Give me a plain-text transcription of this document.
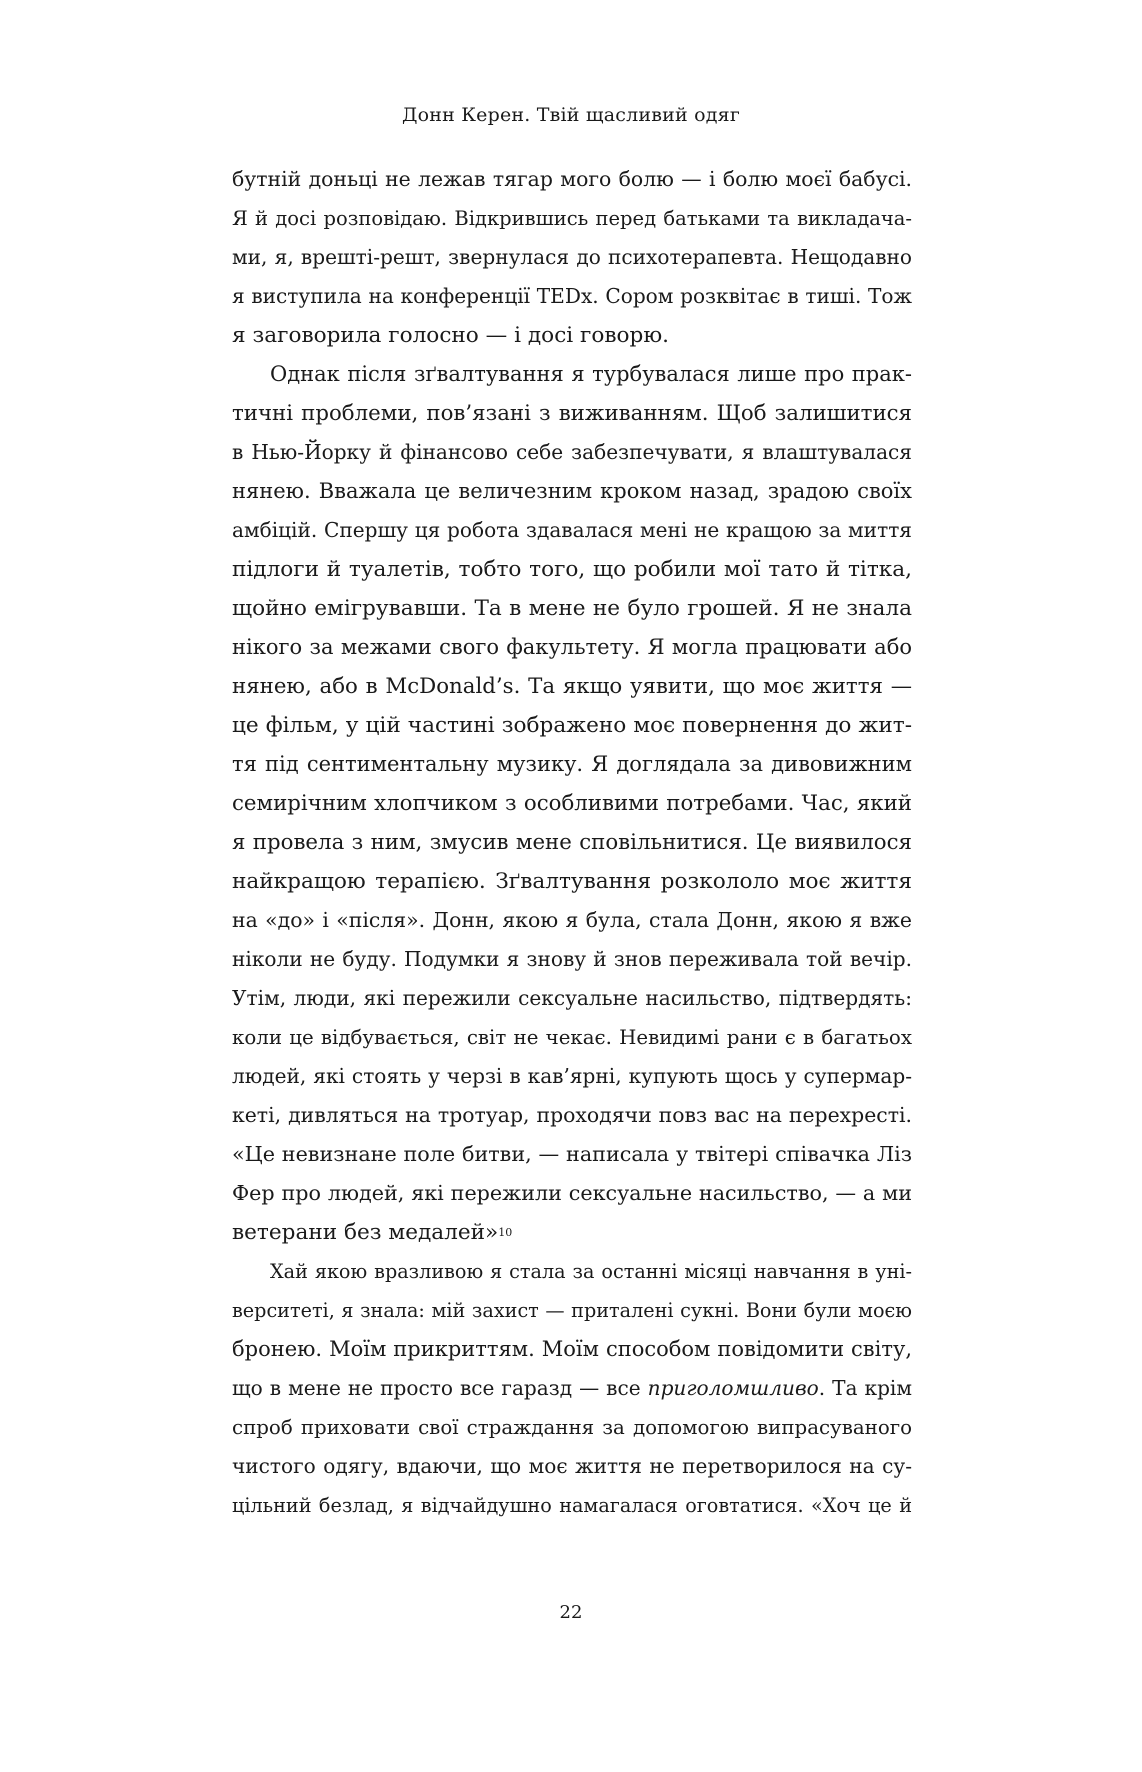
Донн Керен. Твій щасливий одяг
бутній доньці не лежав тягар мого болю — і болю моєї бабусі.
Я й досі розповідаю. Відкрившись перед батьками та викладача-
ми, я, врешті-решт, звернулася до психотерапевта. Нещодавно
я виступила на конференції TEDx. Сором розквітає в тиші. Тож
я заговорила голосно — і досі говорю.
Однак після зґвалтування я турбувалася лише про прак-
тичні проблеми, пов’язані з виживанням. Щоб залишитися
в Нью-Йорку й фінансово себе забезпечувати, я влаштувалася
нянею. Вважала це величезним кроком назад, зрадою своїх
амбіцій. Спершу ця робота здавалася мені не кращою за миття
підлоги й туалетів, тобто того, що робили мої тато й тітка,
щойно емігрувавши. Та в мене не було грошей. Я не знала
нікого за межами свого факультету. Я могла працювати або
нянею, або в McDonald’s. Та якщо уявити, що моє життя —
це фільм, у цій частині зображено моє повернення до жит-
тя під сентиментальну музику. Я доглядала за дивовижним
семирічним хлопчиком з особливими потребами. Час, який
я провела з ним, змусив мене сповільнитися. Це виявилося
найкращою терапією. Зґвалтування розкололо моє життя
на «до» і «після». Донн, якою я була, стала Донн, якою я вже
ніколи не буду. Подумки я знову й знов переживала той вечір.
Утім, люди, які пережили сексуальне насильство, підтвердять:
коли це відбувається, світ не чекає. Невидимі рани є в багатьох
людей, які стоять у черзі в кав’ярні, купують щось у супермар-
кеті, дивляться на тротуар, проходячи повз вас на перехресті.
«Це невизнане поле битви, — написала у твітері співачка Ліз
Фер про людей, які пережили сексуальне насильство, — а ми
ветерани без медалей»$^{10}$
Хай якою вразливою я стала за останні місяці навчання в уні-
верситеті, я знала: мій захист — приталені сукні. Вони були моєю
бронею. Моїм прикриттям. Моїм способом повідомити світу,
що в мене не просто все гаразд — все приголомшливо. Та крім
спроб приховати свої страждання за допомогою випрасуваного
чистого одягу, вдаючи, що моє життя не перетворилося на су-
цільний безлад, я відчайдушно намагалася оговтатися. «Хоч це й
22
